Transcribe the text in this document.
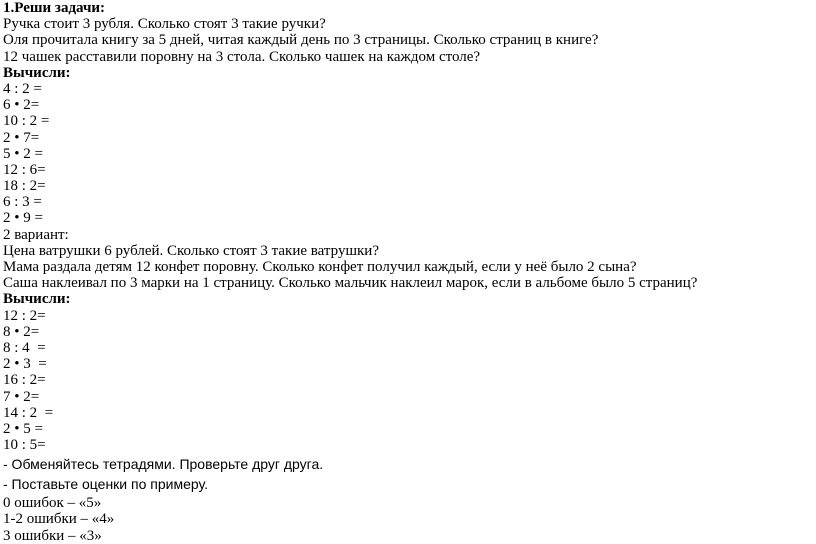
1.Реши задачи:
Ручка стоит 3 рубля. Сколько стоят 3 такие ручки?
Оля прочитала книгу за 5 дней, читая каждый день по 3 страницы. Сколько страниц в книге?
12 чашек расставили поровну на 3 стола. Сколько чашек на каждом столе?
Вычисли:
4 : 2 =
6 • 2=
10 : 2 =
2 • 7=
5 • 2 =
12 : 6=
18 : 2=
6 : 3 =
2 • 9 =
2 вариант:
Цена ватрушки 6 рублей. Сколько стоят 3 такие ватрушки?
Мама раздала детям 12 конфет поровну. Сколько конфет получил каждый, если у неё было 2 сына?
Саша наклеивал по 3 марки на 1 страницу. Сколько мальчик наклеил марок, если в альбоме было 5 страниц?
Вычисли:
12 : 2=
8 • 2=
8 : 4  =
2 • 3  =
16 : 2=
7 • 2=
14 : 2  =
2 • 5 =
10 : 5=
- Обменяйтесь тетрадями. Проверьте друг друга.
- Поставьте оценки по примеру.
0 ошибок – «5»
1-2 ошибки – «4»
3 ошибки – «3»
